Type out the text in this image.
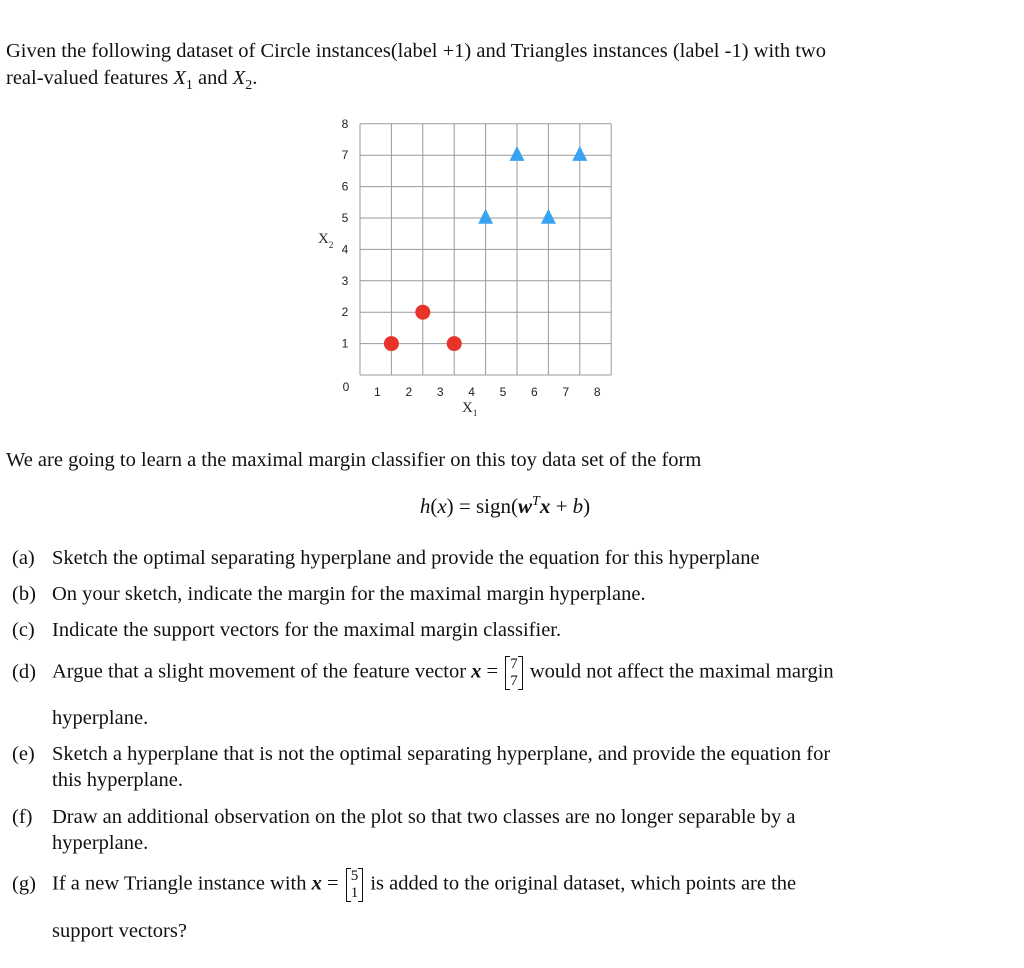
Given the following dataset of Circle instances(label +1) and Triangles instances (label -1) with two
real-valued features $X_1$ and $X_2$.
1
2
3
4
5
6
7
8
1 2 3 4 5 6 7 8
0
$X_2$
$X_1$
We are going to learn a the maximal margin classifier on this toy data set of the form
$h(x) = sign(w^Tx + b)$
(a) Sketch the optimal separating hyperplane and provide the equation for this hyperplane
(b) On your sketch, indicate the margin for the maximal margin hyperplane.
(c) Indicate the support vectors for the maximal margin classifier.
(d) Argue that a slight movement of the feature vector x = 7
7 would not affect the maximal margin
hyperplane.
(e) Sketch a hyperplane that is not the optimal separating hyperplane, and provide the equation for
this hyperplane.
(f) Draw an additional observation on the plot so that two classes are no longer separable by a
hyperplane.
(g) If a new Triangle instance with x = 5
1 is added to the original dataset, which points are the
support vectors?
